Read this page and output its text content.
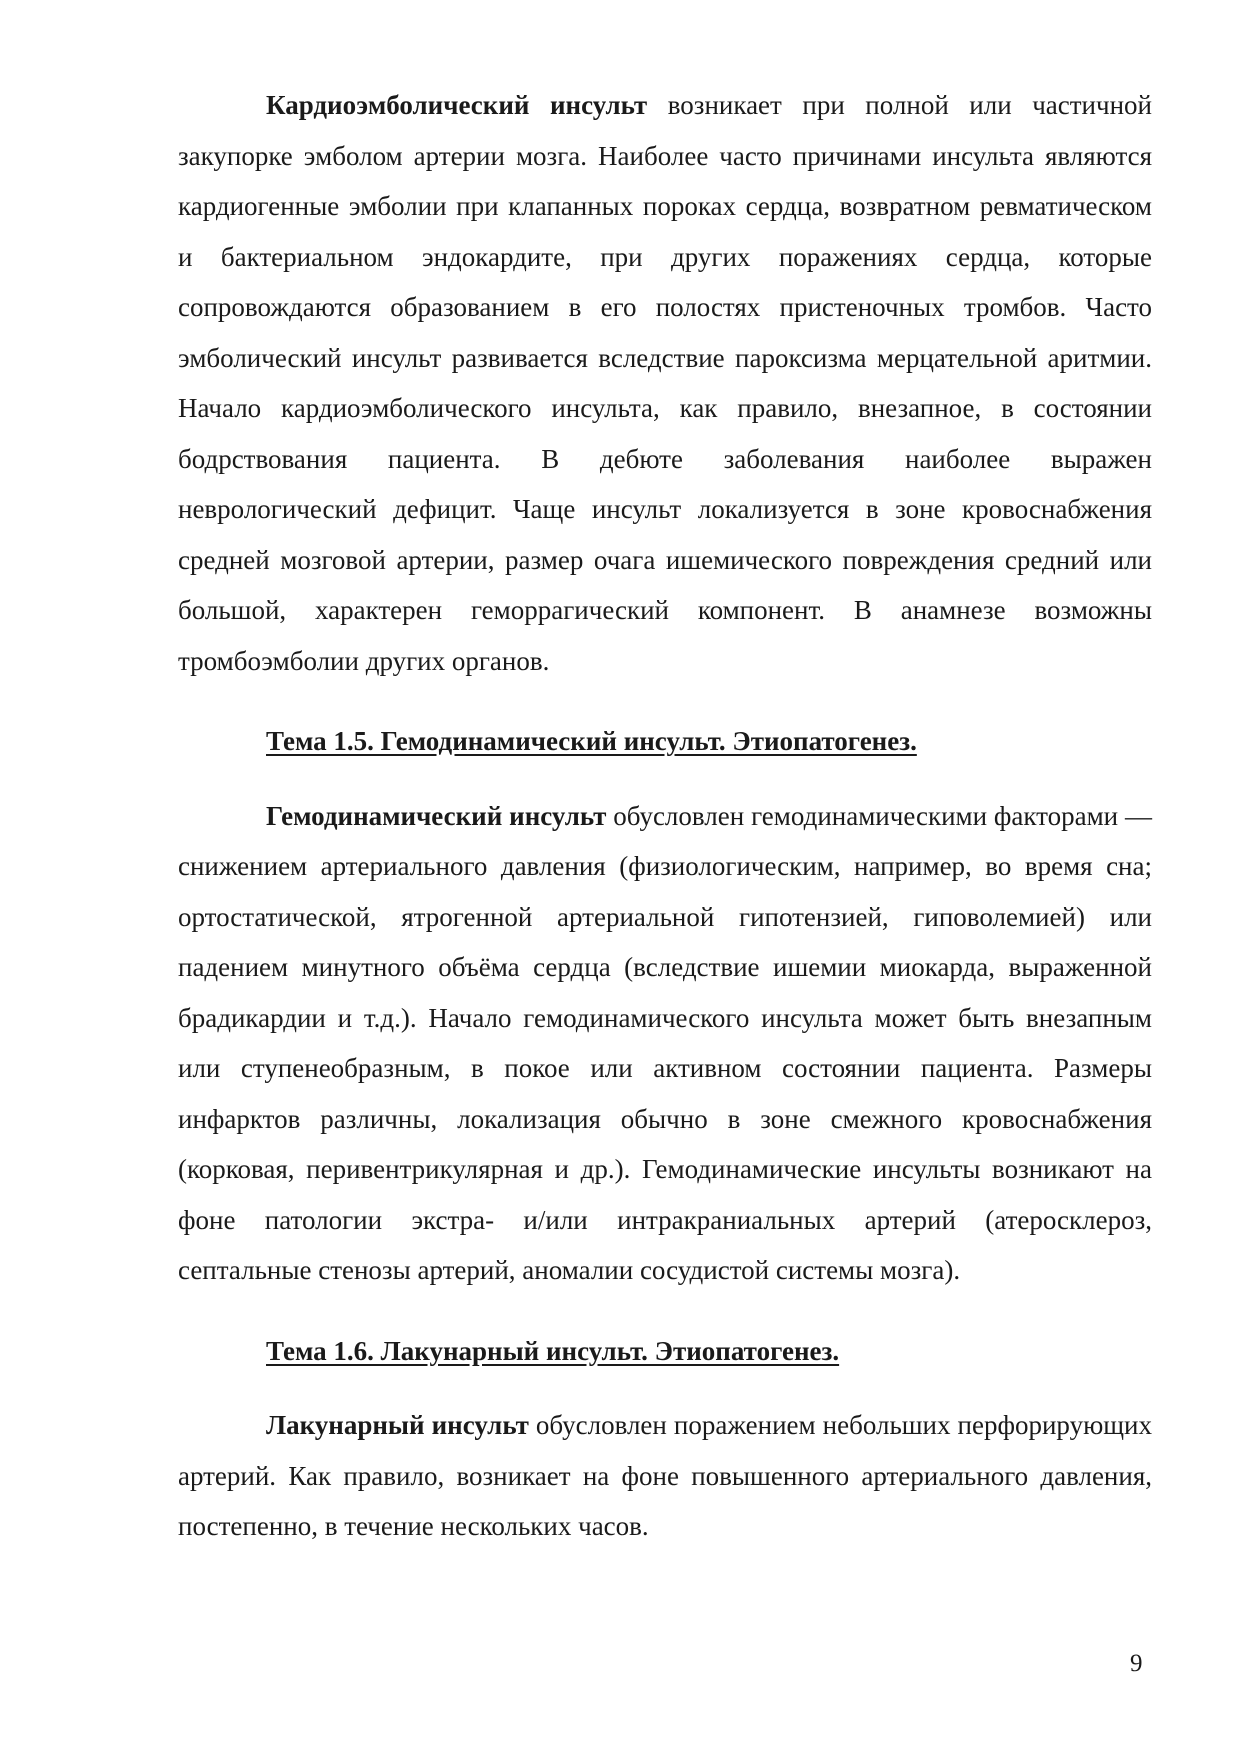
Кардиоэмболический инсульт возникает при полной или частичной закупорке эмболом артерии мозга. Наиболее часто причинами инсульта являются кардиогенные эмболии при клапанных пороках сердца, возвратном ревматическом и бактериальном эндокардите, при других поражениях сердца, которые сопровождаются образованием в его полостях пристеночных тромбов. Часто эмболический инсульт развивается вследствие пароксизма мерцательной аритмии. Начало кардиоэмболического инсульта, как правило, внезапное, в состоянии бодрствования пациента. В дебюте заболевания наиболее выражен неврологический дефицит. Чаще инсульт локализуется в зоне кровоснабжения средней мозговой артерии, размер очага ишемического повреждения средний или большой, характерен геморрагический компонент. В анамнезе возможны тромбоэмболии других органов.

Тема 1.5. Гемодинамический инсульт. Этиопатогенез.

Гемодинамический инсульт обусловлен гемодинамическими факторами — снижением артериального давления (физиологическим, например, во время сна; ортостатической, ятрогенной артериальной гипотензией, гиповолемией) или падением минутного объёма сердца (вследствие ишемии миокарда, выраженной брадикардии и т.д.). Начало гемодинамического инсульта может быть внезапным или ступенеобразным, в покое или активном состоянии пациента. Размеры инфарктов различны, локализация обычно в зоне смежного кровоснабжения (корковая, перивентрикулярная и др.). Гемодинамические инсульты возникают на фоне патологии экстра- и/или интракраниальных артерий (атеросклероз, септальные стенозы артерий, аномалии сосудистой системы мозга).

Тема 1.6. Лакунарный инсульт. Этиопатогенез.

Лакунарный инсульт обусловлен поражением небольших перфорирующих артерий. Как правило, возникает на фоне повышенного артериального давления, постепенно, в течение нескольких часов.

9
